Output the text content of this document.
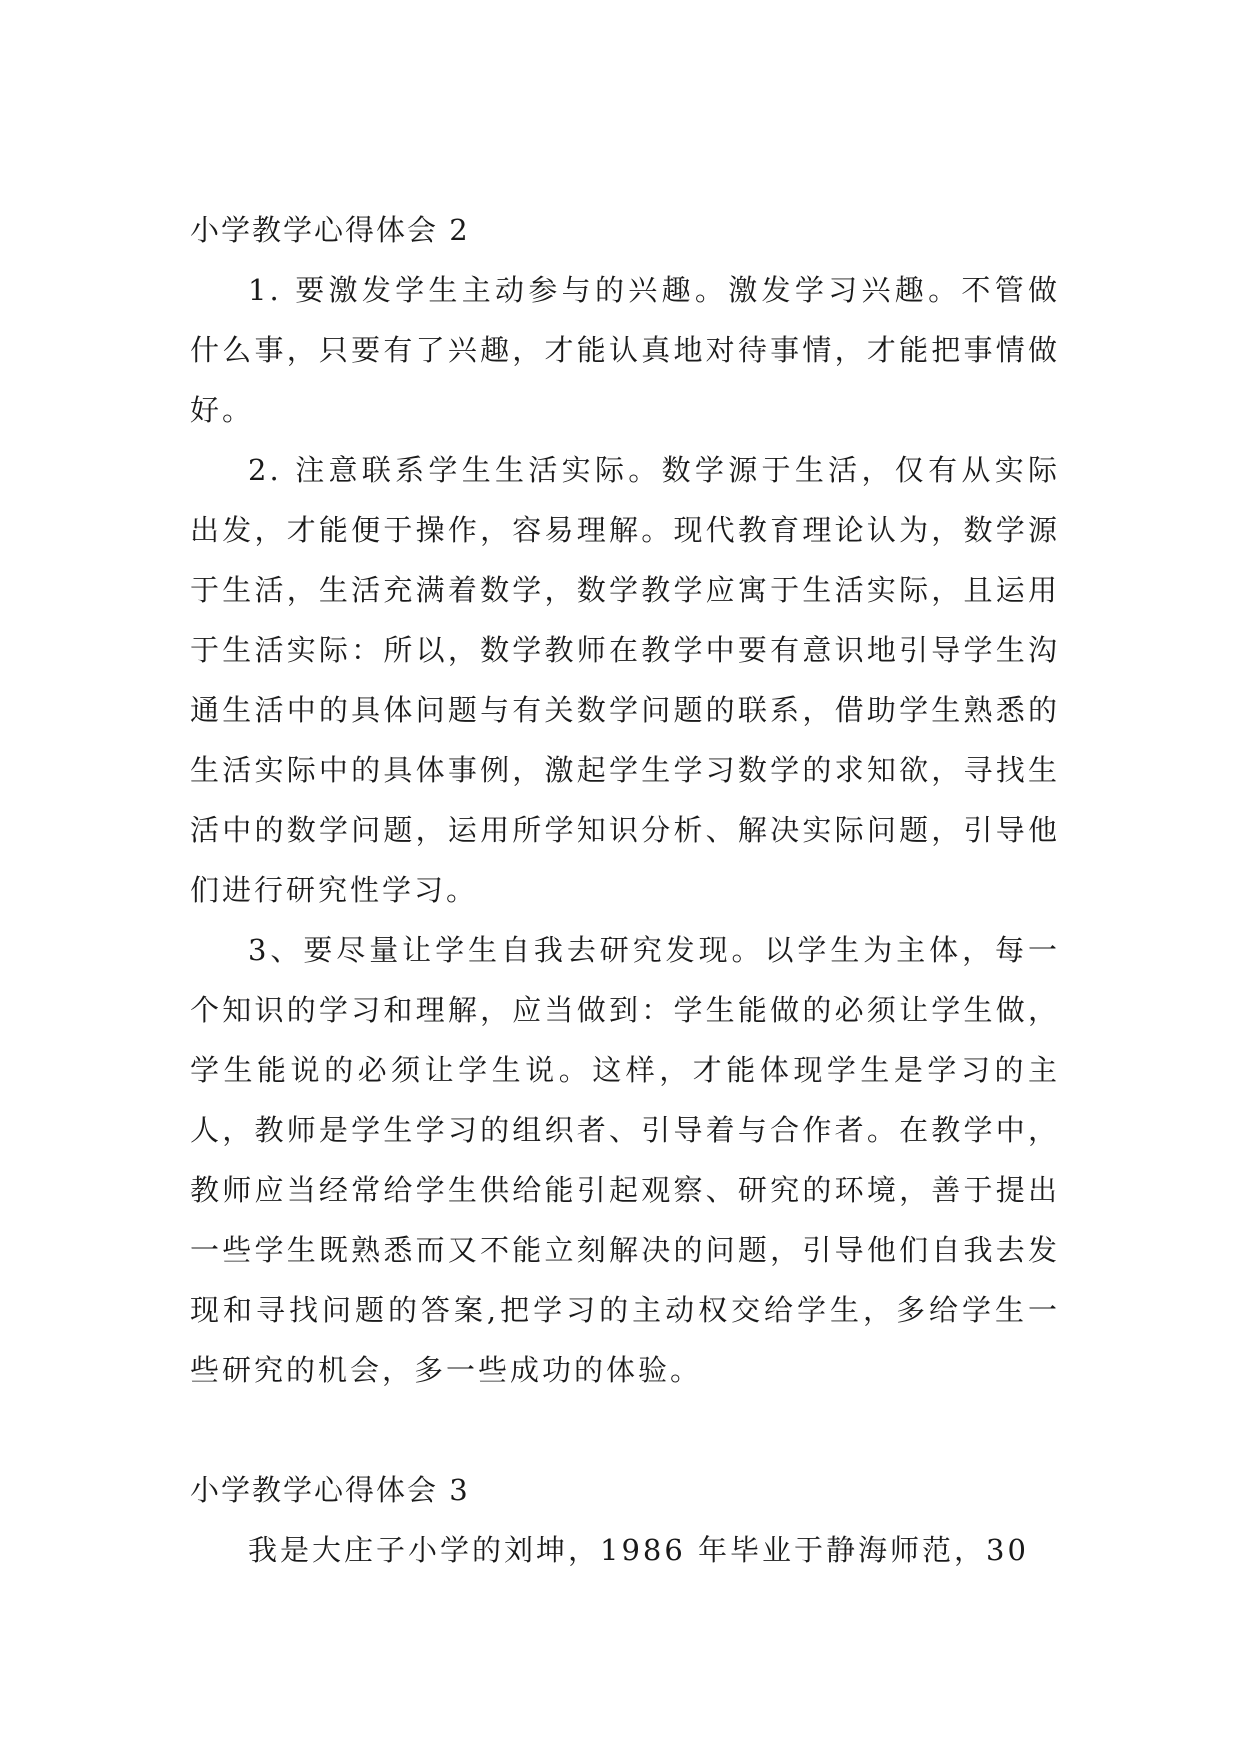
小学教学心得体会 2

1. 要激发学生主动参与的兴趣。激发学习兴趣。不管做什么事，只要有了兴趣，才能认真地对待事情，才能把事情做好。

2. 注意联系学生生活实际。数学源于生活，仅有从实际出发，才能便于操作，容易理解。现代教育理论认为，数学源于生活，生活充满着数学，数学教学应寓于生活实际，且运用于生活实际：所以，数学教师在教学中要有意识地引导学生沟通生活中的具体问题与有关数学问题的联系，借助学生熟悉的生活实际中的具体事例，激起学生学习数学的求知欲，寻找生活中的数学问题，运用所学知识分析、解决实际问题，引导他们进行研究性学习。

3、要尽量让学生自我去研究发现。以学生为主体，每一个知识的学习和理解，应当做到：学生能做的必须让学生做，学生能说的必须让学生说。这样，才能体现学生是学习的主人，教师是学生学习的组织者、引导着与合作者。在教学中，教师应当经常给学生供给能引起观察、研究的环境，善于提出一些学生既熟悉而又不能立刻解决的问题，引导他们自我去发现和寻找问题的答案,把学习的主动权交给学生，多给学生一些研究的机会，多一些成功的体验。

小学教学心得体会 3

我是大庄子小学的刘坤，1986 年毕业于静海师范，30
